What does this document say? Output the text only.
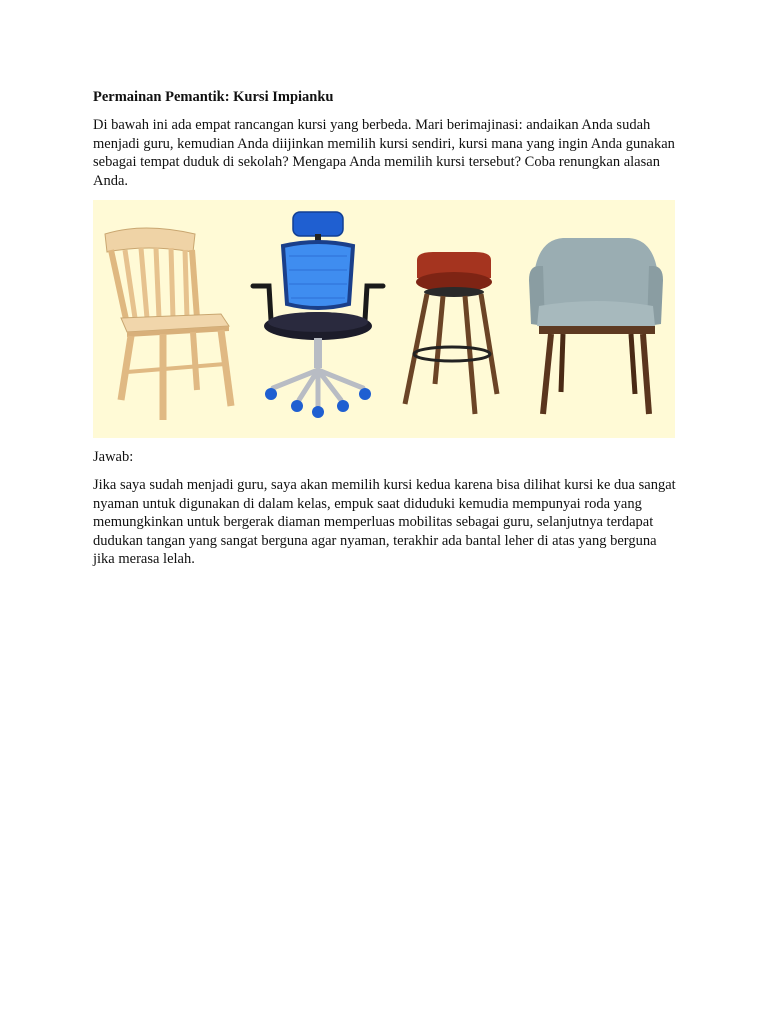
Permainan Pemantik: Kursi Impianku

Di bawah ini ada empat rancangan kursi yang berbeda. Mari berimajinasi: andaikan Anda sudah menjadi guru, kemudian Anda diijinkan memilih kursi sendiri, kursi mana yang ingin Anda gunakan sebagai tempat duduk di sekolah? Mengapa Anda memilih kursi tersebut? Coba renungkan alasan Anda.

Jawab:

Jika saya sudah menjadi guru, saya akan memilih kursi kedua karena bisa dilihat kursi ke dua sangat nyaman untuk digunakan di dalam kelas, empuk saat diduduki kemudia mempunyai roda yang memungkinkan untuk bergerak diaman memperluas mobilitas sebagai guru, selanjutnya terdapat dudukan tangan yang sangat berguna agar nyaman, terakhir ada bantal leher di atas yang berguna jika merasa lelah.
